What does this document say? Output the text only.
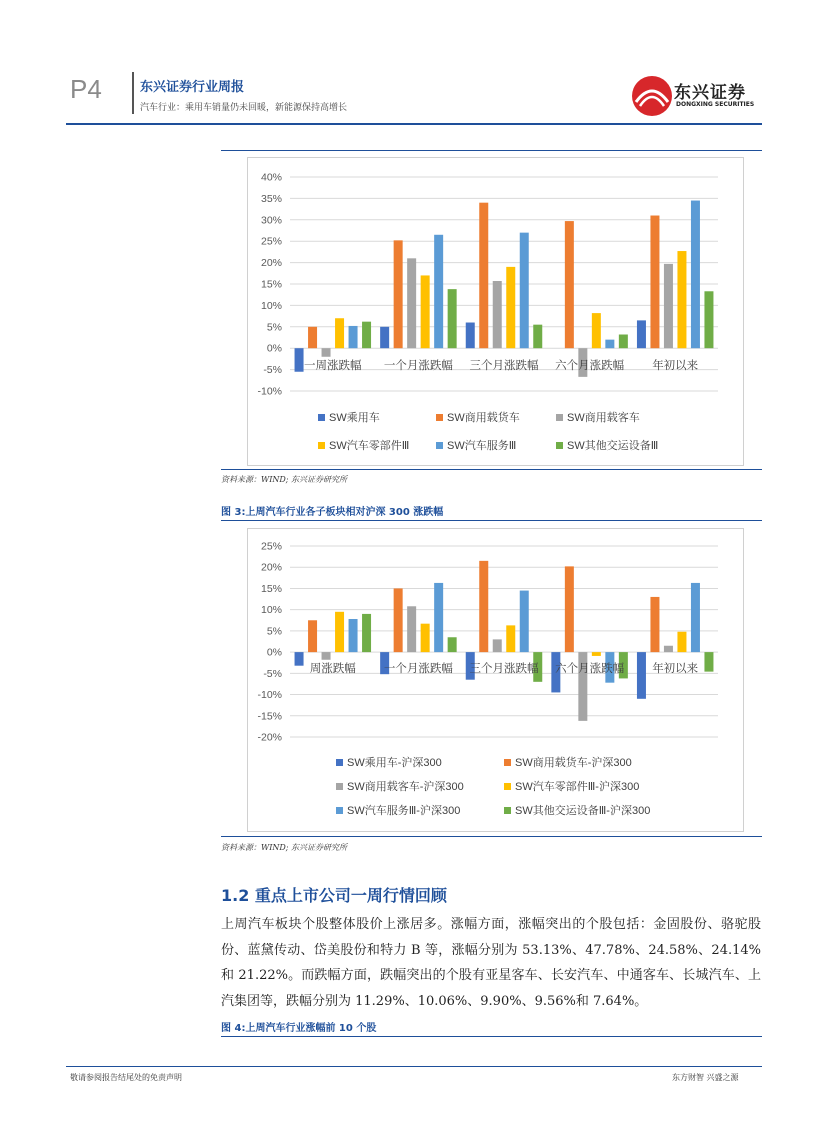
P4	东兴证券行业周报
汽车行业：乘用车销量仍未回暖，新能源保持高增长
东兴证券
DONGXING SECURITIES
40%
35%
30%
25%
20%
15%
10%
5%
0%
-5%
-10%
一周涨跌幅 一个月涨跌幅 三个月涨跌幅 六个月涨跌幅 年初以来
SW乘用车	SW商用载货车	SW商用载客车
SW汽车零部件Ⅲ	SW汽车服务Ⅲ	SW其他交运设备Ⅲ
资料来源：WIND; 东兴证券研究所
图 3:上周汽车行业各子板块相对沪深 300 涨跌幅
25%
20%
15%
10%
5%
0%
-5%
-10%
-15%
-20%
周涨跌幅 一个月涨跌幅 三个月涨跌幅 六个月涨跌幅 年初以来
SW乘用车-沪深300	SW商用载货车-沪深300
SW商用载客车-沪深300	SW汽车零部件Ⅲ-沪深300
SW汽车服务Ⅲ-沪深300	SW其他交运设备Ⅲ-沪深300
资料来源：WIND; 东兴证券研究所
1.2 重点上市公司一周行情回顾
上周汽车板块个股整体股价上涨居多。涨幅方面，涨幅突出的个股包括：金固股份、骆驼股份、蓝黛传动、岱美股份和特力 B 等，涨幅分别为 53.13%、47.78%、24.58%、24.14%和 21.22%。而跌幅方面，跌幅突出的个股有亚星客车、长安汽车、中通客车、长城汽车、上汽集团等，跌幅分别为 11.29%、10.06%、9.90%、9.56%和 7.64%。
图 4:上周汽车行业涨幅前 10 个股
敬请参阅报告结尾处的免责声明	东方财智 兴盛之源
